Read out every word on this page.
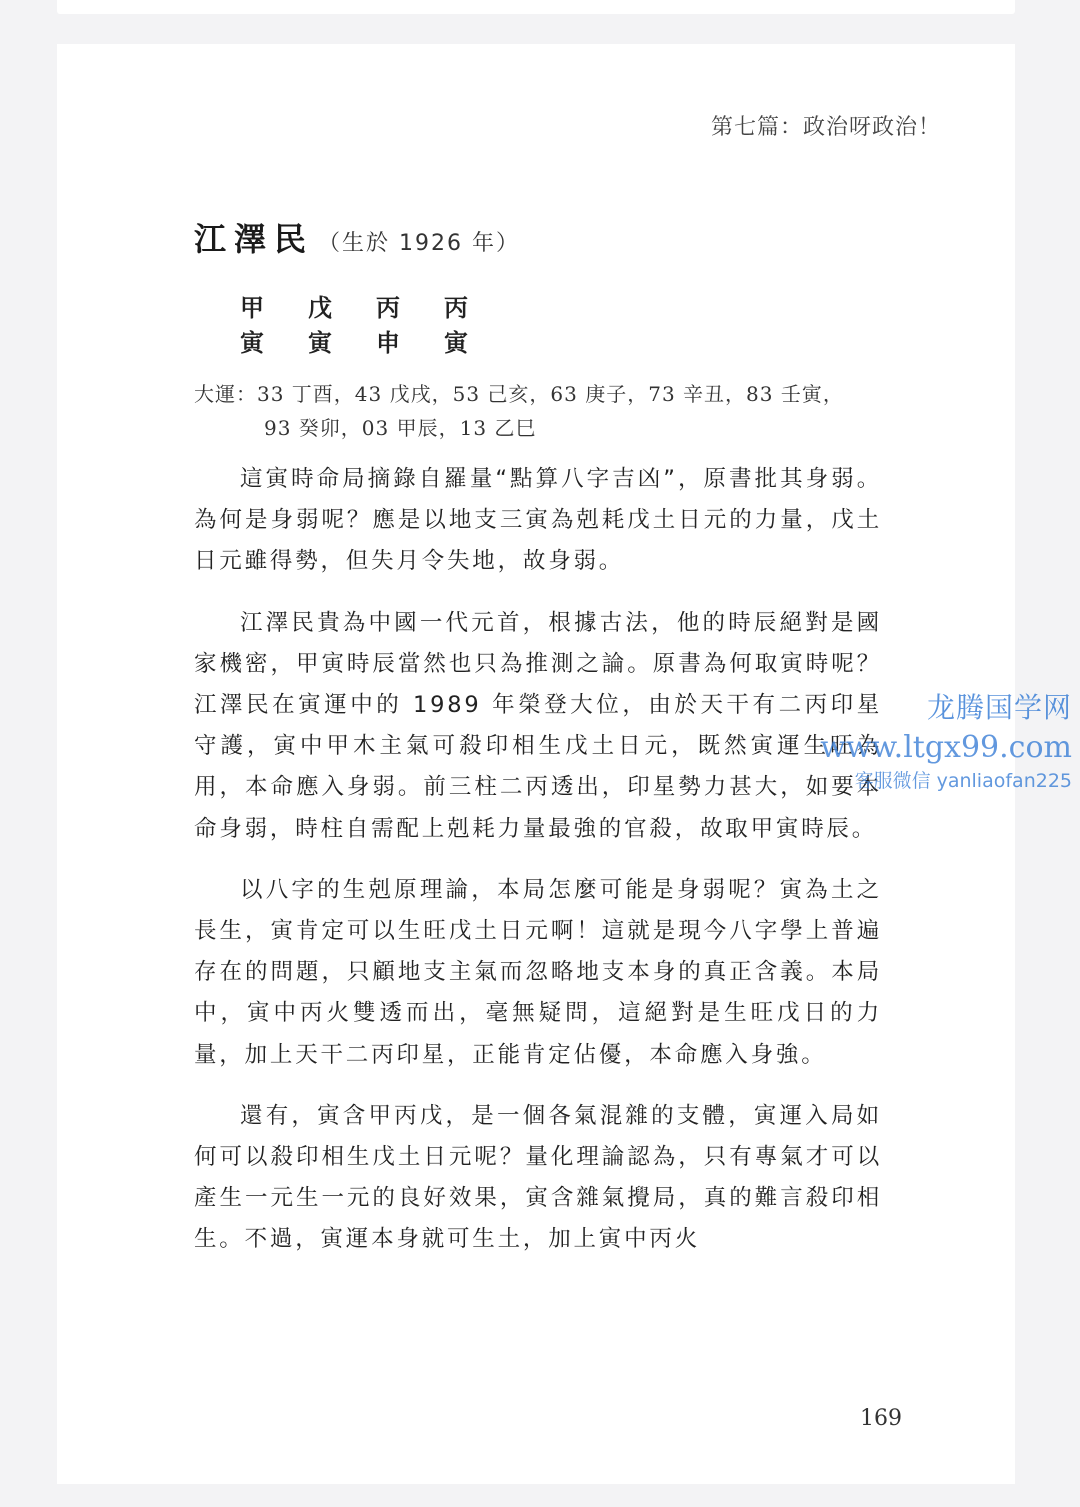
第七篇：政治呀政治！
江澤民 （生於 1926 年）
甲	戊	丙	丙
寅	寅	申	寅
大運：33 丁酉，43 戊戌，53 己亥，63 庚子，73 辛丑，83 壬寅，
93 癸卯，03 甲辰，13 乙巳

這寅時命局摘錄自羅量“點算八字吉凶”，原書批其身弱。為何是身弱呢？應是以地支三寅為剋耗戊土日元的力量，戊土日元雖得勢，但失月令失地，故身弱。

江澤民貴為中國一代元首，根據古法，他的時辰絕對是國家機密，甲寅時辰當然也只為推測之論。原書為何取寅時呢？江澤民在寅運中的 1989 年榮登大位，由於天干有二丙印星守護，寅中甲木主氣可殺印相生戊土日元，既然寅運生旺為用，本命應入身弱。前三柱二丙透出，印星勢力甚大，如要本命身弱，時柱自需配上剋耗力量最強的官殺，故取甲寅時辰。

以八字的生剋原理論，本局怎麼可能是身弱呢？寅為土之長生，寅肯定可以生旺戊土日元啊！這就是現今八字學上普遍存在的問題，只顧地支主氣而忽略地支本身的真正含義。本局中，寅中丙火雙透而出，毫無疑問，這絕對是生旺戊日的力量，加上天干二丙印星，正能肯定佔優，本命應入身強。

還有，寅含甲丙戊，是一個各氣混雜的支體，寅運入局如何可以殺印相生戊土日元呢？量化理論認為，只有專氣才可以產生一元生一元的良好效果，寅含雜氣攪局，真的難言殺印相生。不過，寅運本身就可生土，加上寅中丙火

169
龙腾国学网
www.ltgx99.com
客服微信 yanliaofan225
